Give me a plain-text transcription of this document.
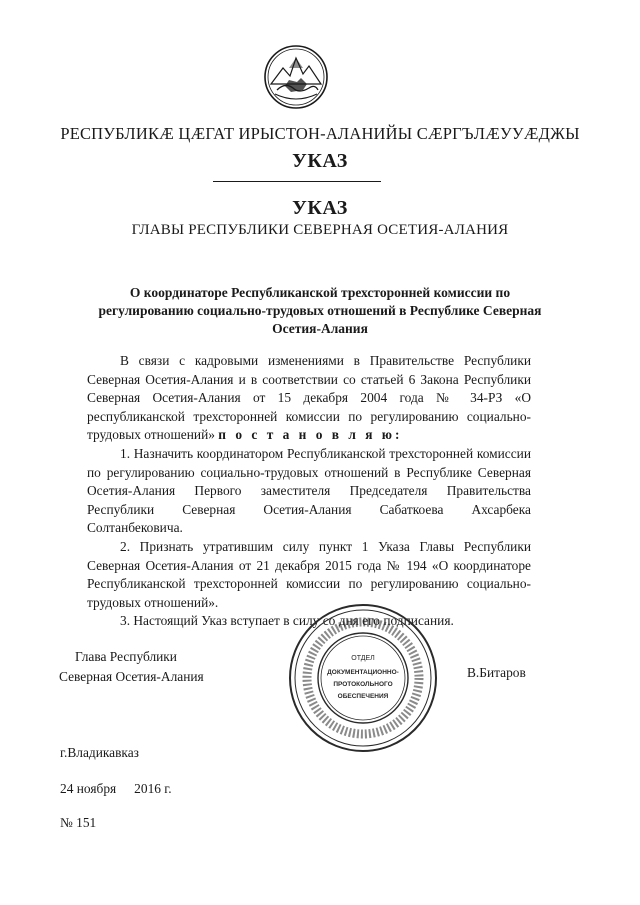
РЕСПУБЛИКÆ ЦÆГАТ ИРЫСТОН-АЛАНИЙЫ СÆРГЪЛÆУУÆДЖЫ
УКАЗ
УКАЗ
ГЛАВЫ РЕСПУБЛИКИ СЕВЕРНАЯ ОСЕТИЯ-АЛАНИЯ
О координаторе Республиканской трехсторонней комиссии по регулированию социально-трудовых отношений в Республике Северная Осетия-Алания

В связи с кадровыми изменениями в Правительстве Республики Северная Осетия-Алания и в соответствии со статьей 6 Закона Республики Северная Осетия-Алания от 15 декабря 2004 года № 34-РЗ «О республиканской трехсторонней комиссии по регулированию социально-трудовых отношений» п о с т а н о в л я ю:

1. Назначить координатором Республиканской трехсторонней комиссии по регулированию социально-трудовых отношений в Республике Северная Осетия-Алания Первого заместителя Председателя Правительства Республики Северная Осетия-Алания Сабаткоева Ахсарбека Солтанбековича.

2. Признать утратившим силу пункт 1 Указа Главы Республики Северная Осетия-Алания от 21 декабря 2015 года № 194 «О координаторе Республиканской трехсторонней комиссии по регулированию социально-трудовых отношений».

3. Настоящий Указ вступает в силу со дня его подписания.

Глава Республики
Северная Осетия-Алания
ОТДЕЛ
ДОКУМЕНТАЦИОННО-
ПРОТОКОЛЬНОГО
ОБЕСПЕЧЕНИЯ
В.Битаров
г.Владикавказ
24 ноября 2016 г.
№ 151
